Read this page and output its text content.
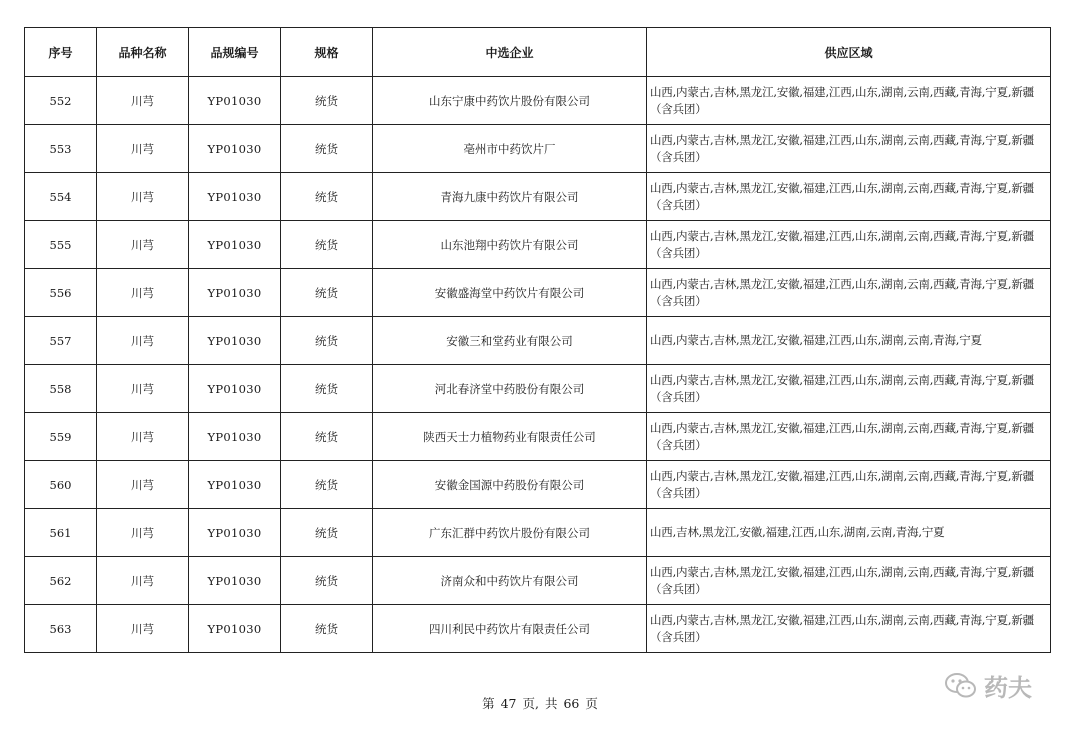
序号	品种名称	品规编号	规格	中选企业	供应区域
552	川芎	YP01030	统货	山东宁康中药饮片股份有限公司	山西,内蒙古,吉林,黑龙江,安徽,福建,江西,山东,湖南,云南,西藏,青海,宁夏,新疆（含兵团）
553	川芎	YP01030	统货	亳州市中药饮片厂	山西,内蒙古,吉林,黑龙江,安徽,福建,江西,山东,湖南,云南,西藏,青海,宁夏,新疆（含兵团）
554	川芎	YP01030	统货	青海九康中药饮片有限公司	山西,内蒙古,吉林,黑龙江,安徽,福建,江西,山东,湖南,云南,西藏,青海,宁夏,新疆（含兵团）
555	川芎	YP01030	统货	山东池翔中药饮片有限公司	山西,内蒙古,吉林,黑龙江,安徽,福建,江西,山东,湖南,云南,西藏,青海,宁夏,新疆（含兵团）
556	川芎	YP01030	统货	安徽盛海堂中药饮片有限公司	山西,内蒙古,吉林,黑龙江,安徽,福建,江西,山东,湖南,云南,西藏,青海,宁夏,新疆（含兵团）
557	川芎	YP01030	统货	安徽三和堂药业有限公司	山西,内蒙古,吉林,黑龙江,安徽,福建,江西,山东,湖南,云南,青海,宁夏
558	川芎	YP01030	统货	河北春济堂中药股份有限公司	山西,内蒙古,吉林,黑龙江,安徽,福建,江西,山东,湖南,云南,西藏,青海,宁夏,新疆（含兵团）
559	川芎	YP01030	统货	陕西天士力植物药业有限责任公司	山西,内蒙古,吉林,黑龙江,安徽,福建,江西,山东,湖南,云南,西藏,青海,宁夏,新疆（含兵团）
560	川芎	YP01030	统货	安徽金国源中药股份有限公司	山西,内蒙古,吉林,黑龙江,安徽,福建,江西,山东,湖南,云南,西藏,青海,宁夏,新疆（含兵团）
561	川芎	YP01030	统货	广东汇群中药饮片股份有限公司	山西,吉林,黑龙江,安徽,福建,江西,山东,湖南,云南,青海,宁夏
562	川芎	YP01030	统货	济南众和中药饮片有限公司	山西,内蒙古,吉林,黑龙江,安徽,福建,江西,山东,湖南,云南,西藏,青海,宁夏,新疆（含兵团）
563	川芎	YP01030	统货	四川利民中药饮片有限责任公司	山西,内蒙古,吉林,黑龙江,安徽,福建,江西,山东,湖南,云南,西藏,青海,宁夏,新疆（含兵团）
第 47 页, 共 66 页
药夫
